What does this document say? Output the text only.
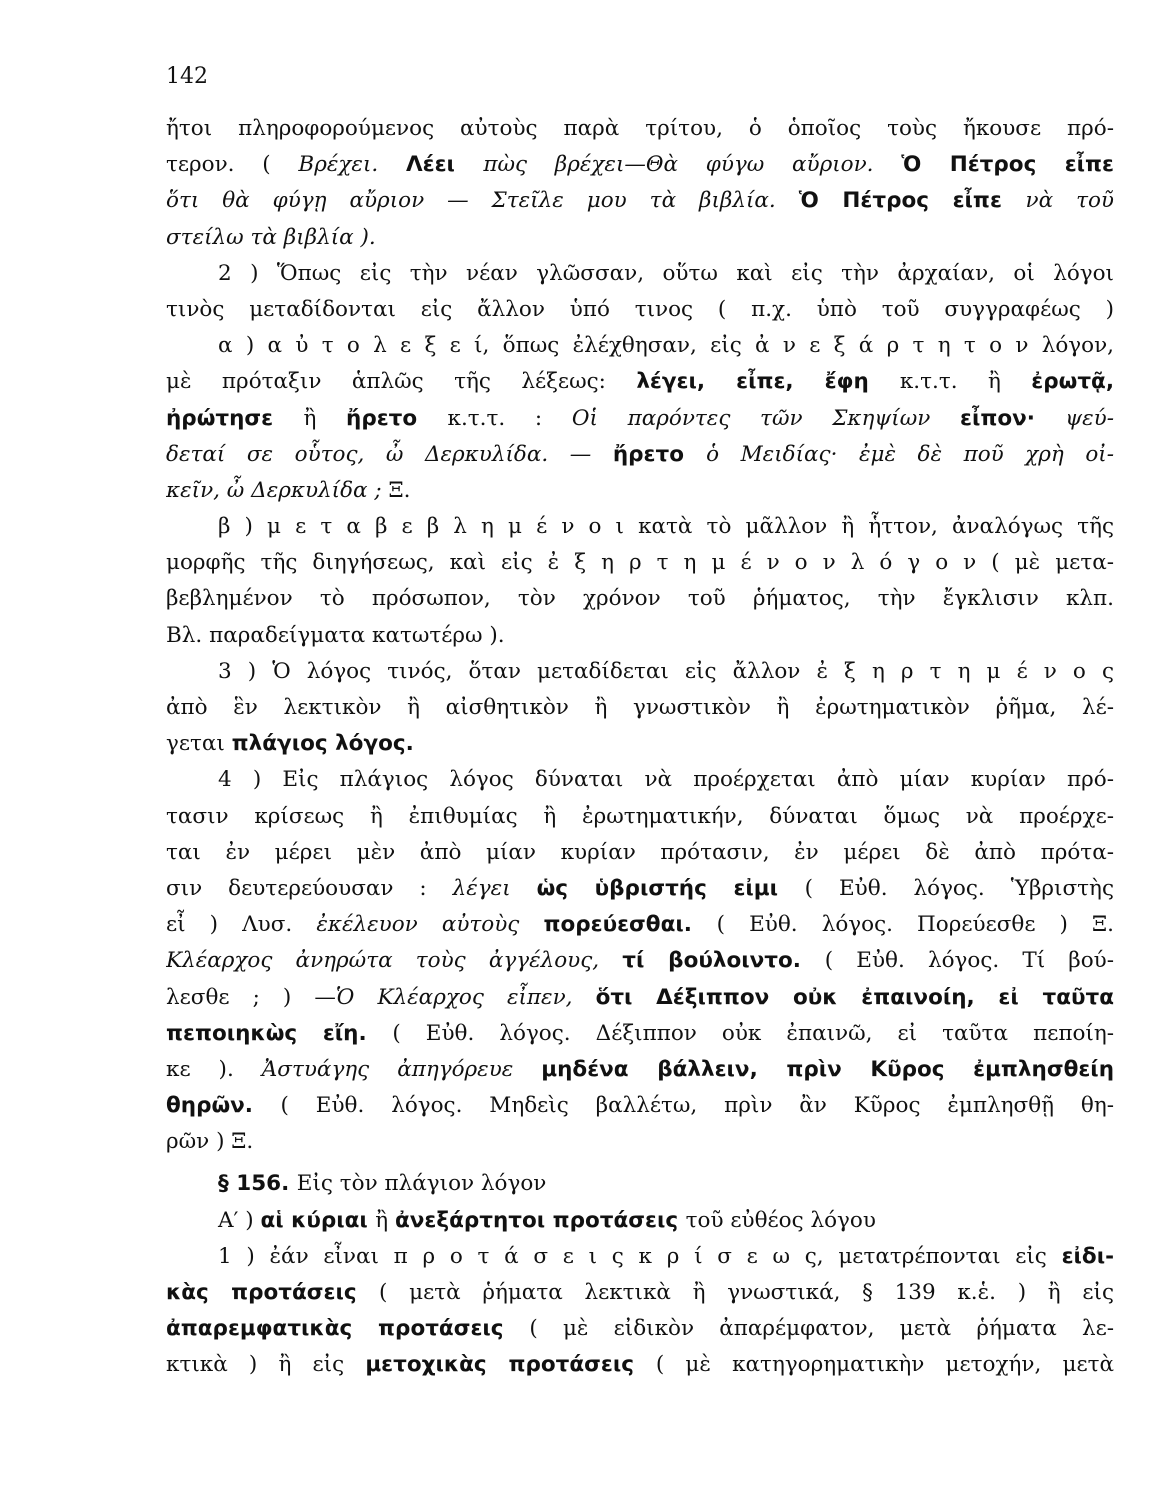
142
ἤτοι πληροφορούμενος αὐτοὺς παρὰ τρίτου, ὁ ὁποῖος τοὺς ἤκουσε πρό-
τερον. ( Βρέχει. Λέει πὼς βρέχει—Θὰ φύγω αὔριον. Ὁ Πέτρος εἶπε
ὅτι θὰ φύγῃ αὔριον — Στεῖλε μου τὰ βιβλία. Ὁ Πέτρος εἶπε νὰ τοῦ
στείλω τὰ βιβλία ).
2 ) Ὅπως εἰς τὴν νέαν γλῶσσαν, οὕτω καὶ εἰς τὴν ἀρχαίαν, οἱ λόγοι
τινὸς μεταδίδονται εἰς ἄλλον ὑπό τινος ( π.χ. ὑπὸ τοῦ συγγραφέως )
α ) α ὐ τ ο λ ε ξ ε ί, ὅπως ἐλέχθησαν, εἰς ἀ ν ε ξ ά ρ τ η τ ο ν λόγον,
μὲ πρόταξιν ἁπλῶς τῆς λέξεως: λέγει, εἶπε, ἔφη κ.τ.τ. ἢ ἐρωτᾷ,
ἠρώτησε ἢ ἤρετο κ.τ.τ. : Οἱ παρόντες τῶν Σκηψίων εἶπον· ψεύ-
δεταί σε οὗτος, ὦ Δερκυλίδα. — ἤρετο ὁ Μειδίας· ἐμὲ δὲ ποῦ χρὴ οἰ-
κεῖν, ὦ Δερκυλίδα ; Ξ.
β ) μ ε τ α β ε β λ η μ έ ν ο ι κατὰ τὸ μᾶλλον ἢ ἧττον, ἀναλόγως τῆς
μορφῆς τῆς διηγήσεως, καὶ εἰς ἐ ξ η ρ τ η μ έ ν ο ν λ ό γ ο ν ( μὲ μετα-
βεβλημένον τὸ πρόσωπον, τὸν χρόνον τοῦ ῥήματος, τὴν ἔγκλισιν κλπ.
Βλ. παραδείγματα κατωτέρω ).
3 ) Ὁ λόγος τινός, ὅταν μεταδίδεται εἰς ἄλλον ἐ ξ η ρ τ η μ έ ν ο ς
ἀπὸ ἓν λεκτικὸν ἢ αἰσθητικὸν ἢ γνωστικὸν ἢ ἐρωτηματικὸν ῥῆμα, λέ-
γεται πλάγιος λόγος.
4 ) Εἰς πλάγιος λόγος δύναται νὰ προέρχεται ἀπὸ μίαν κυρίαν πρό-
τασιν κρίσεως ἢ ἐπιθυμίας ἢ ἐρωτηματικήν, δύναται ὅμως νὰ προέρχε-
ται ἐν μέρει μὲν ἀπὸ μίαν κυρίαν πρότασιν, ἐν μέρει δὲ ἀπὸ πρότα-
σιν δευτερεύουσαν : λέγει ὡς ὑβριστής εἰμι ( Εὐθ. λόγος. Ὑβριστὴς
εἶ ) Λυσ. ἐκέλευον αὐτοὺς πορεύεσθαι. ( Εὐθ. λόγος. Πορεύεσθε ) Ξ.
Κλέαρχος ἀνηρώτα τοὺς ἀγγέλους, τί βούλοιντο. ( Εὐθ. λόγος. Τί βού-
λεσθε ; ) —Ὁ Κλέαρχος εἶπεν, ὅτι Δέξιππον οὐκ ἐπαινοίη, εἰ ταῦτα
πεποιηκὼς εἴη. ( Εὐθ. λόγος. Δέξιππον οὐκ ἐπαινῶ, εἰ ταῦτα πεποίη-
κε ). Ἀστυάγης ἀπηγόρευε μηδένα βάλλειν, πρὶν Κῦρος ἐμπλησθείη
θηρῶν. ( Εὐθ. λόγος. Μηδεὶς βαλλέτω, πρὶν ἂν Κῦρος ἐμπλησθῇ θη-
ρῶν ) Ξ.
§ 156. Εἰς τὸν πλάγιον λόγον
Α′ ) αἱ κύριαι ἢ ἀνεξάρτητοι προτάσεις τοῦ εὐθέος λόγου
1 ) ἐάν εἶναι π ρ ο τ ά σ ε ι ς κ ρ ί σ ε ω ς, μετατρέπονται εἰς εἰδι-
κὰς προτάσεις ( μετὰ ῥήματα λεκτικὰ ἢ γνωστικά, § 139 κ.ἑ. ) ἢ εἰς
ἀπαρεμφατικὰς προτάσεις ( μὲ εἰδικὸν ἀπαρέμφατον, μετὰ ῥήματα λε-
κτικὰ ) ἢ εἰς μετοχικὰς προτάσεις ( μὲ κατηγορηματικὴν μετοχήν, μετὰ
